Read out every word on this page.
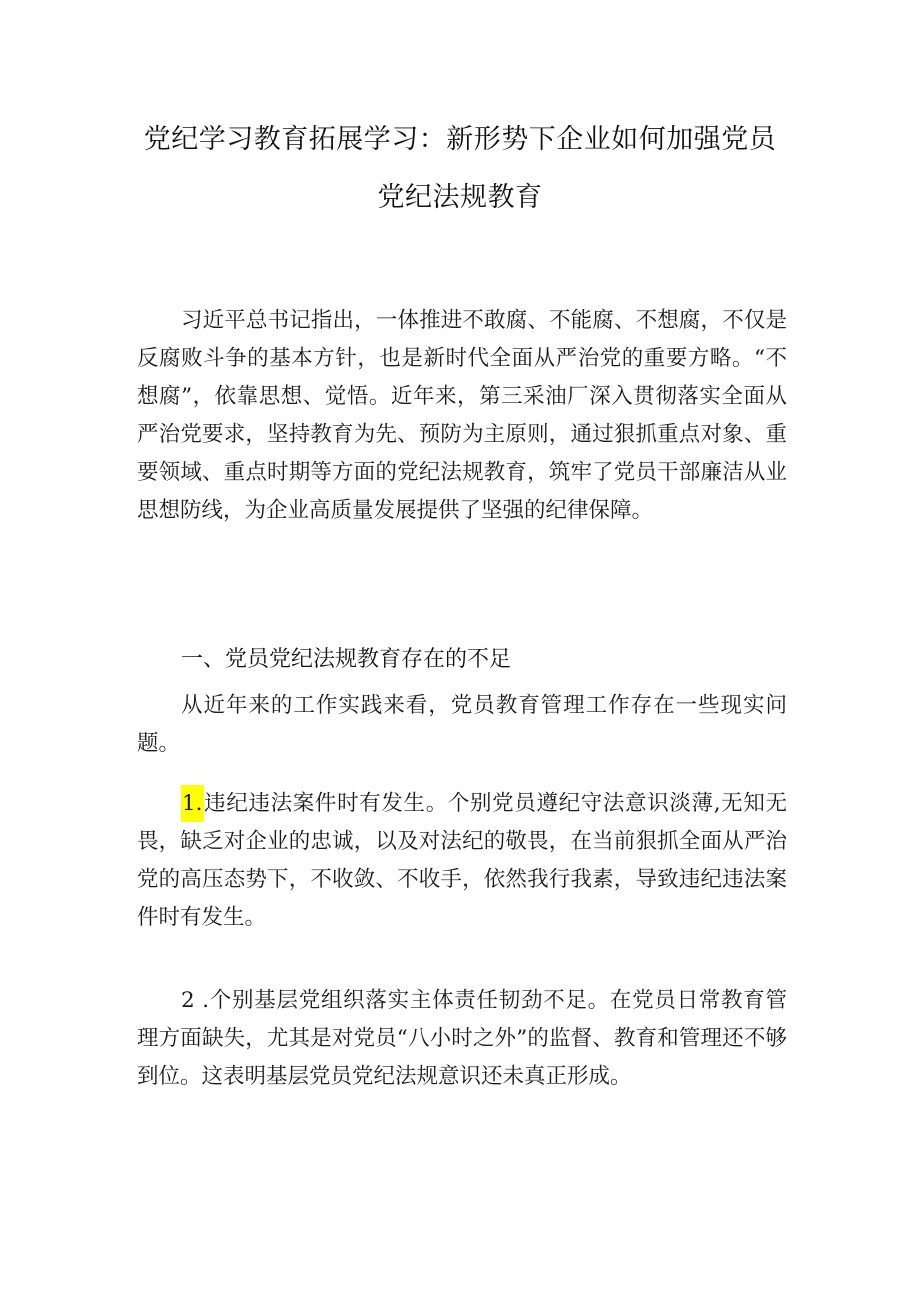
党纪学习教育拓展学习：新形势下企业如何加强党员
党纪法规教育
习近平总书记指出，一体推进不敢腐、不能腐、不想腐，不仅是反腐败斗争的基本方针，也是新时代全面从严治党的重要方略。“不想腐”，依靠思想、觉悟。近年来，第三采油厂深入贯彻落实全面从严治党要求，坚持教育为先、预防为主原则，通过狠抓重点对象、重要领域、重点时期等方面的党纪法规教育，筑牢了党员干部廉洁从业思想防线，为企业高质量发展提供了坚强的纪律保障。
一、党员党纪法规教育存在的不足
从近年来的工作实践来看，党员教育管理工作存在一些现实问题。
1.违纪违法案件时有发生。个别党员遵纪守法意识淡薄,无知无畏，缺乏对企业的忠诚，以及对法纪的敬畏，在当前狠抓全面从严治党的高压态势下，不收敛、不收手，依然我行我素，导致违纪违法案件时有发生。
2 .个别基层党组织落实主体责任韧劲不足。在党员日常教育管理方面缺失，尤其是对党员“八小时之外”的监督、教育和管理还不够到位。这表明基层党员党纪法规意识还未真正形成。
